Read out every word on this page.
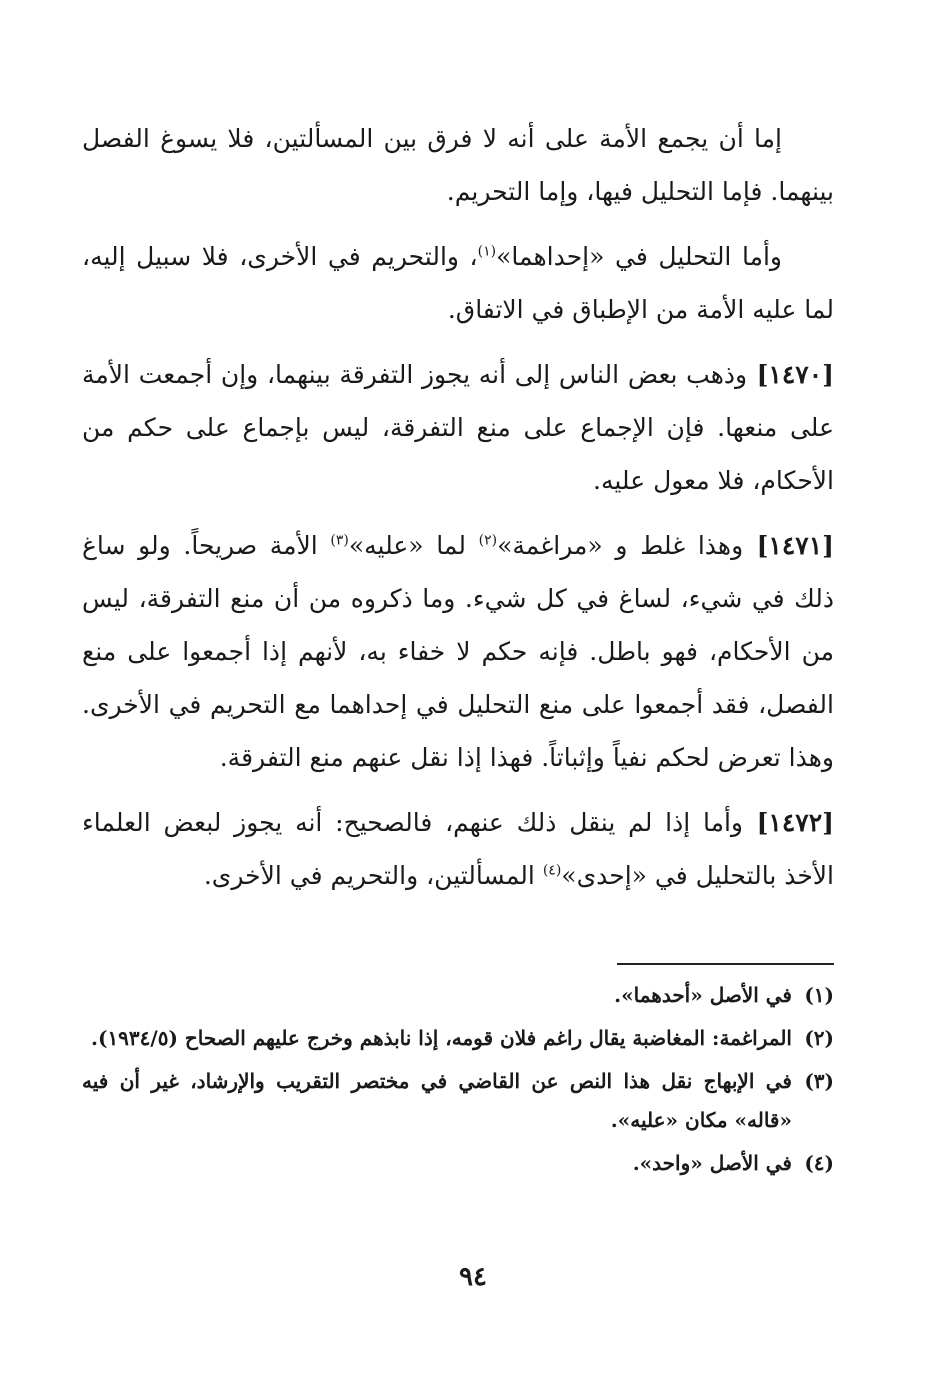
إما أن يجمع الأمة على أنه لا فرق بين المسألتين، فلا يسوغ الفصل بينهما. فإما التحليل فيها، وإما التحريم.

وأما التحليل في «إحداهما»$^{(١)}$، والتحريم في الأخرى، فلا سبيل إليه، لما عليه الأمة من الإطباق في الاتفاق.

[١٤٧٠]وذهب بعض الناس إلى أنه يجوز التفرقة بينهما، وإن أجمعت الأمة على منعها. فإن الإجماع على منع التفرقة، ليس بإجماع على حكم من الأحكام، فلا معول عليه.

[١٤٧١]وهذا غلط و «مراغمة»$^{(٢)}$ لما «عليه»$^{(٣)}$ الأمة صريحاً. ولو ساغ ذلك في شيء، لساغ في كل شيء. وما ذكروه من أن منع التفرقة، ليس من الأحكام، فهو باطل. فإنه حكم لا خفاء به، لأنهم إذا أجمعوا على منع الفصل، فقد أجمعوا على منع التحليل في إحداهما مع التحريم في الأخرى. وهذا تعرض لحكم نفياً وإثباتاً. فهذا إذا نقل عنهم منع التفرقة.

[١٤٧٢]وأما إذا لم ينقل ذلك عنهم، فالصحيح: أنه يجوز لبعض العلماء الأخذ بالتحليل في «إحدى»$^{(٤)}$ المسألتين، والتحريم في الأخرى.

(١)
في الأصل «أحدهما».
(٢)
المراغمة: المغاضبة يقال راغم فلان قومه، إذا نابذهم وخرج عليهم الصحاح (١٩٣٤/٥).
(٣)
في الإبهاج نقل هذا النص عن القاضي في مختصر التقريب والإرشاد، غير أن فيه «قاله» مكان «عليه».
(٤)
في الأصل «واحد».
٩٤
